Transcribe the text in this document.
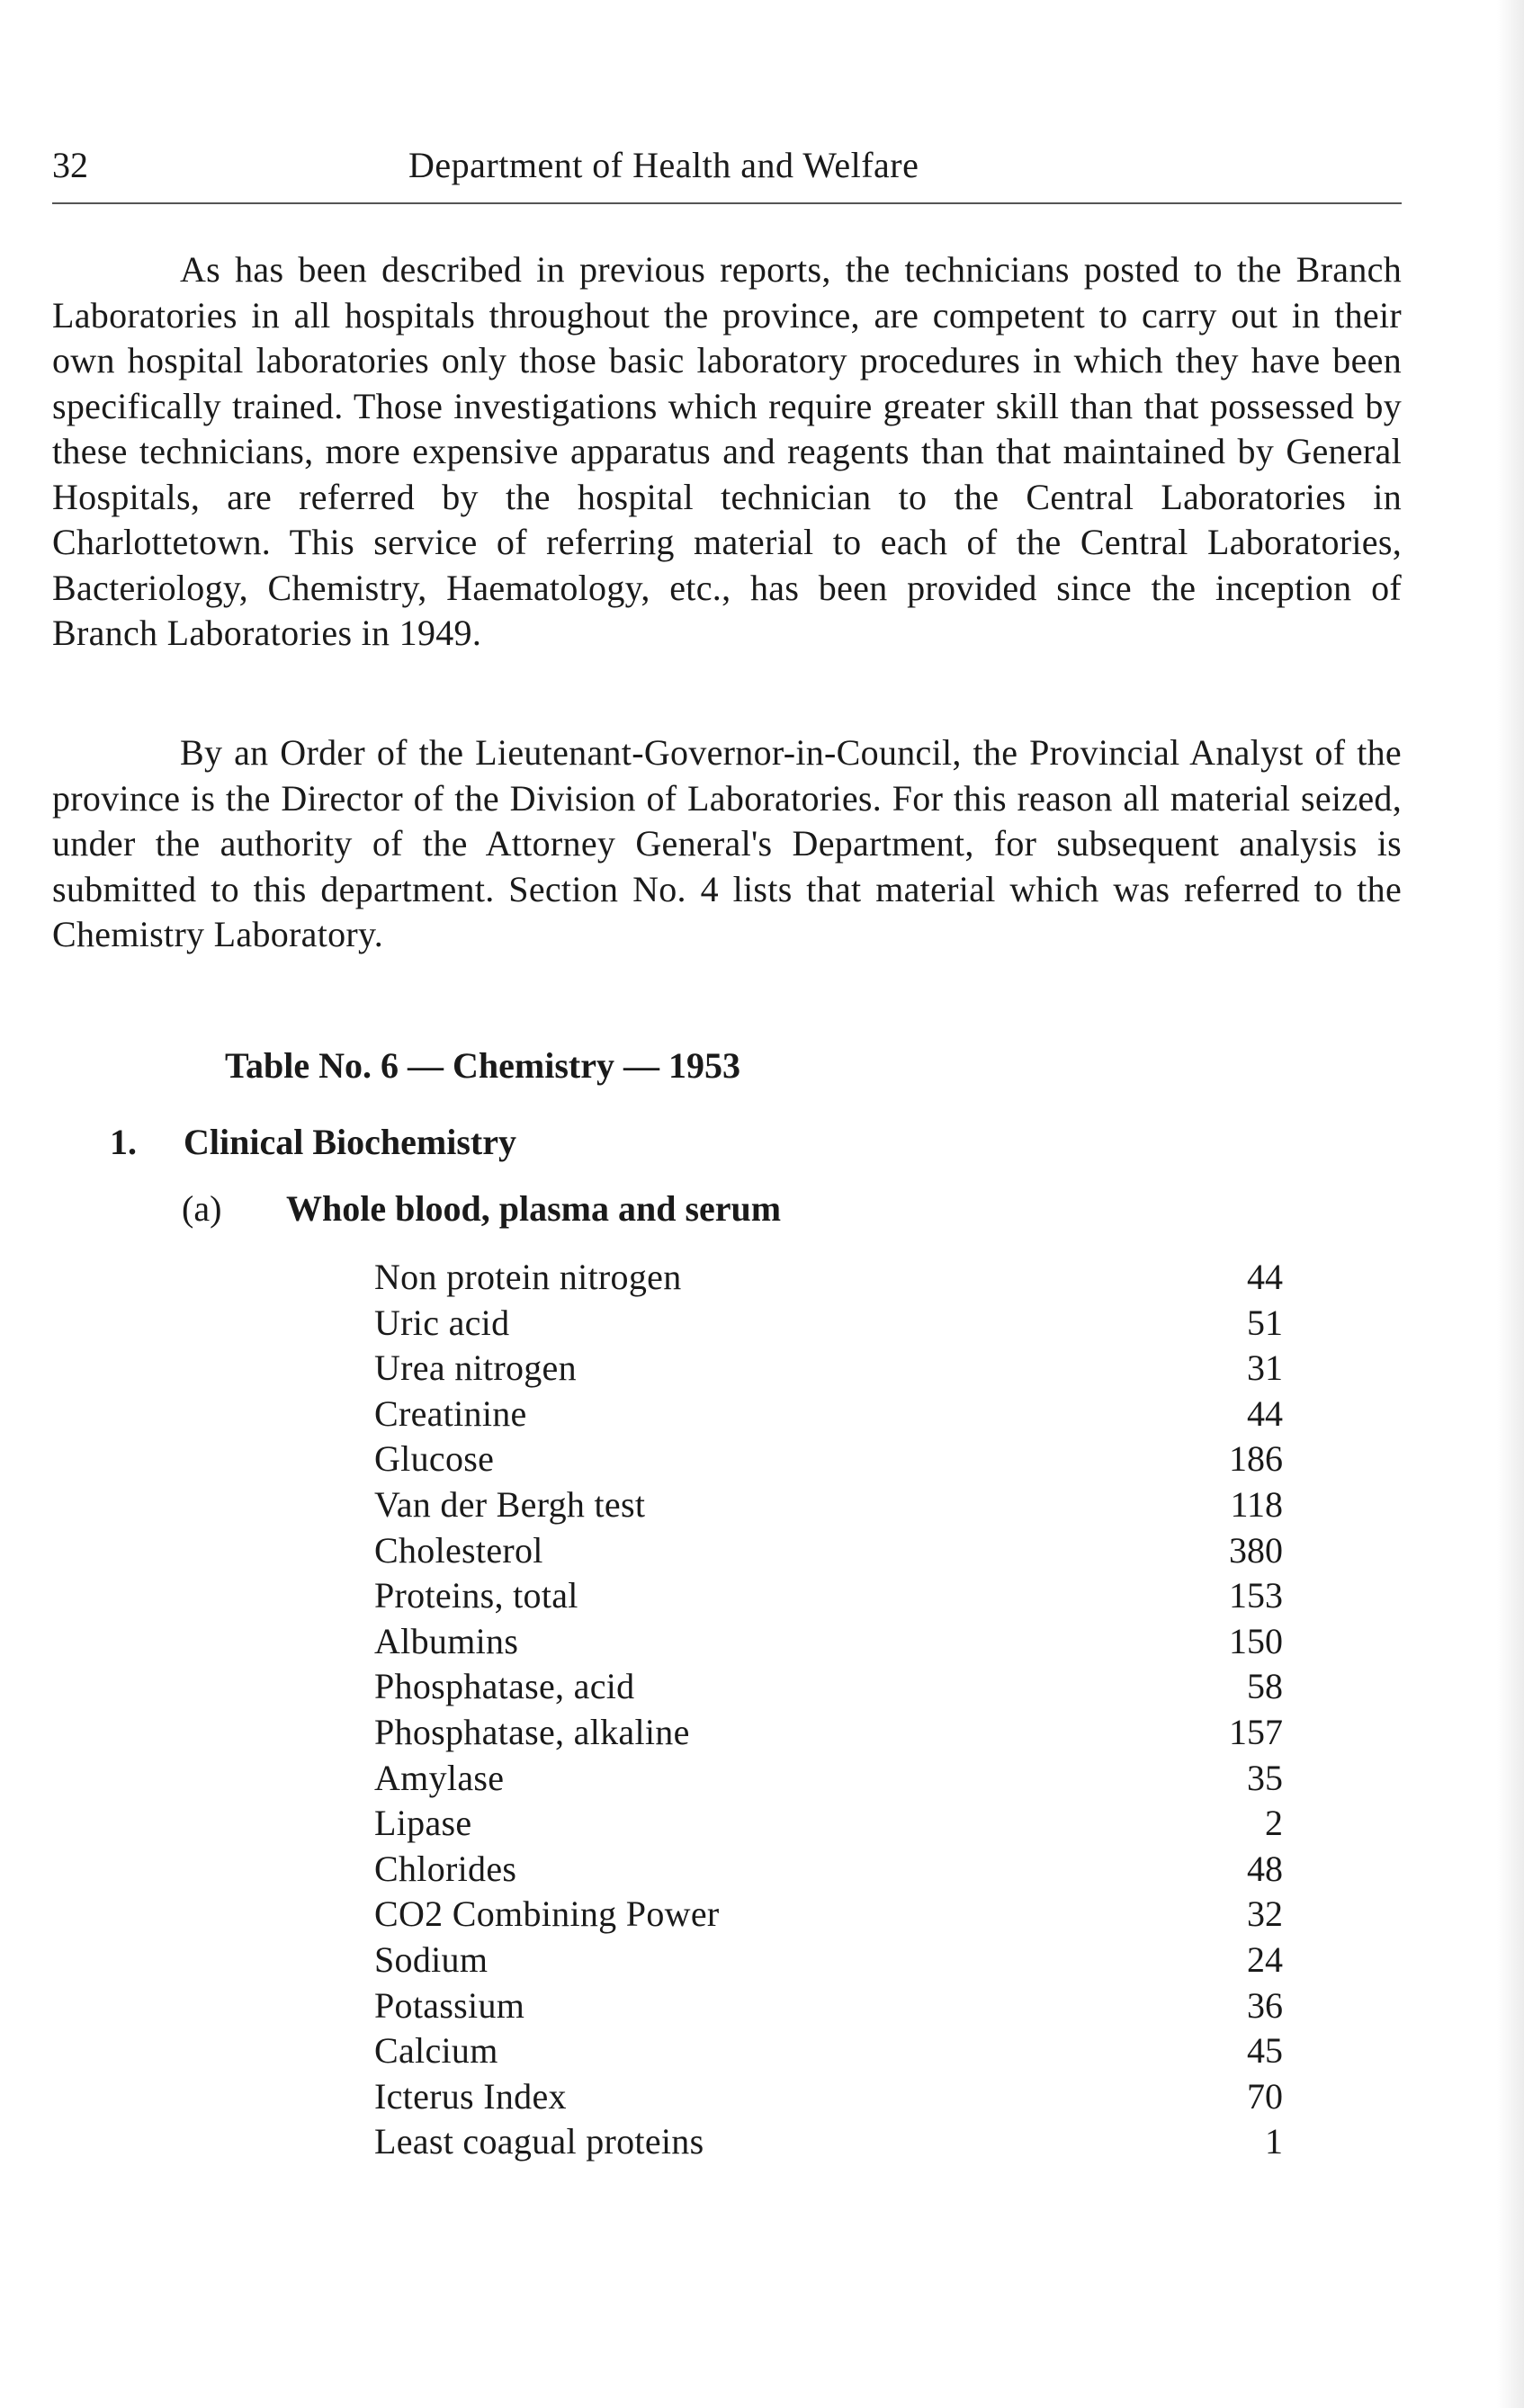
32	Department of Health and Welfare

As has been described in previous reports, the technicians posted to the Branch Laboratories in all hospitals throughout the province, are competent to carry out in their own hospital laboratories only those basic laboratory procedures in which they have been specifically trained. Those investigations which require greater skill than that possessed by these technicians, more expensive apparatus and reagents than that maintained by General Hospitals, are referred by the hospital technician to the Central Laboratories in Charlottetown. This service of referring material to each of the Central Laboratories, Bacteriology, Chemistry, Haematology, etc., has been provided since the inception of Branch Laboratories in 1949.

By an Order of the Lieutenant-Governor-in-Council, the Provincial Analyst of the province is the Director of the Division of Laboratories. For this reason all material seized, under the authority of the Attorney General's Department, for subsequent analysis is submitted to this department. Section No. 4 lists that material which was referred to the Chemistry Laboratory.

Table No. 6 — Chemistry — 1953
1. Clinical Biochemistry
(a) Whole blood, plasma and serum
Non protein nitrogen	44
Uric acid	51
Urea nitrogen	31
Creatinine	44
Glucose	186
Van der Bergh test	118
Cholesterol	380
Proteins, total	153
Albumins	150
Phosphatase, acid	58
Phosphatase, alkaline	157
Amylase	35
Lipase	2
Chlorides	48
CO2 Combining Power	32
Sodium	24
Potassium	36
Calcium	45
Icterus Index	70
Least coagual proteins	1
